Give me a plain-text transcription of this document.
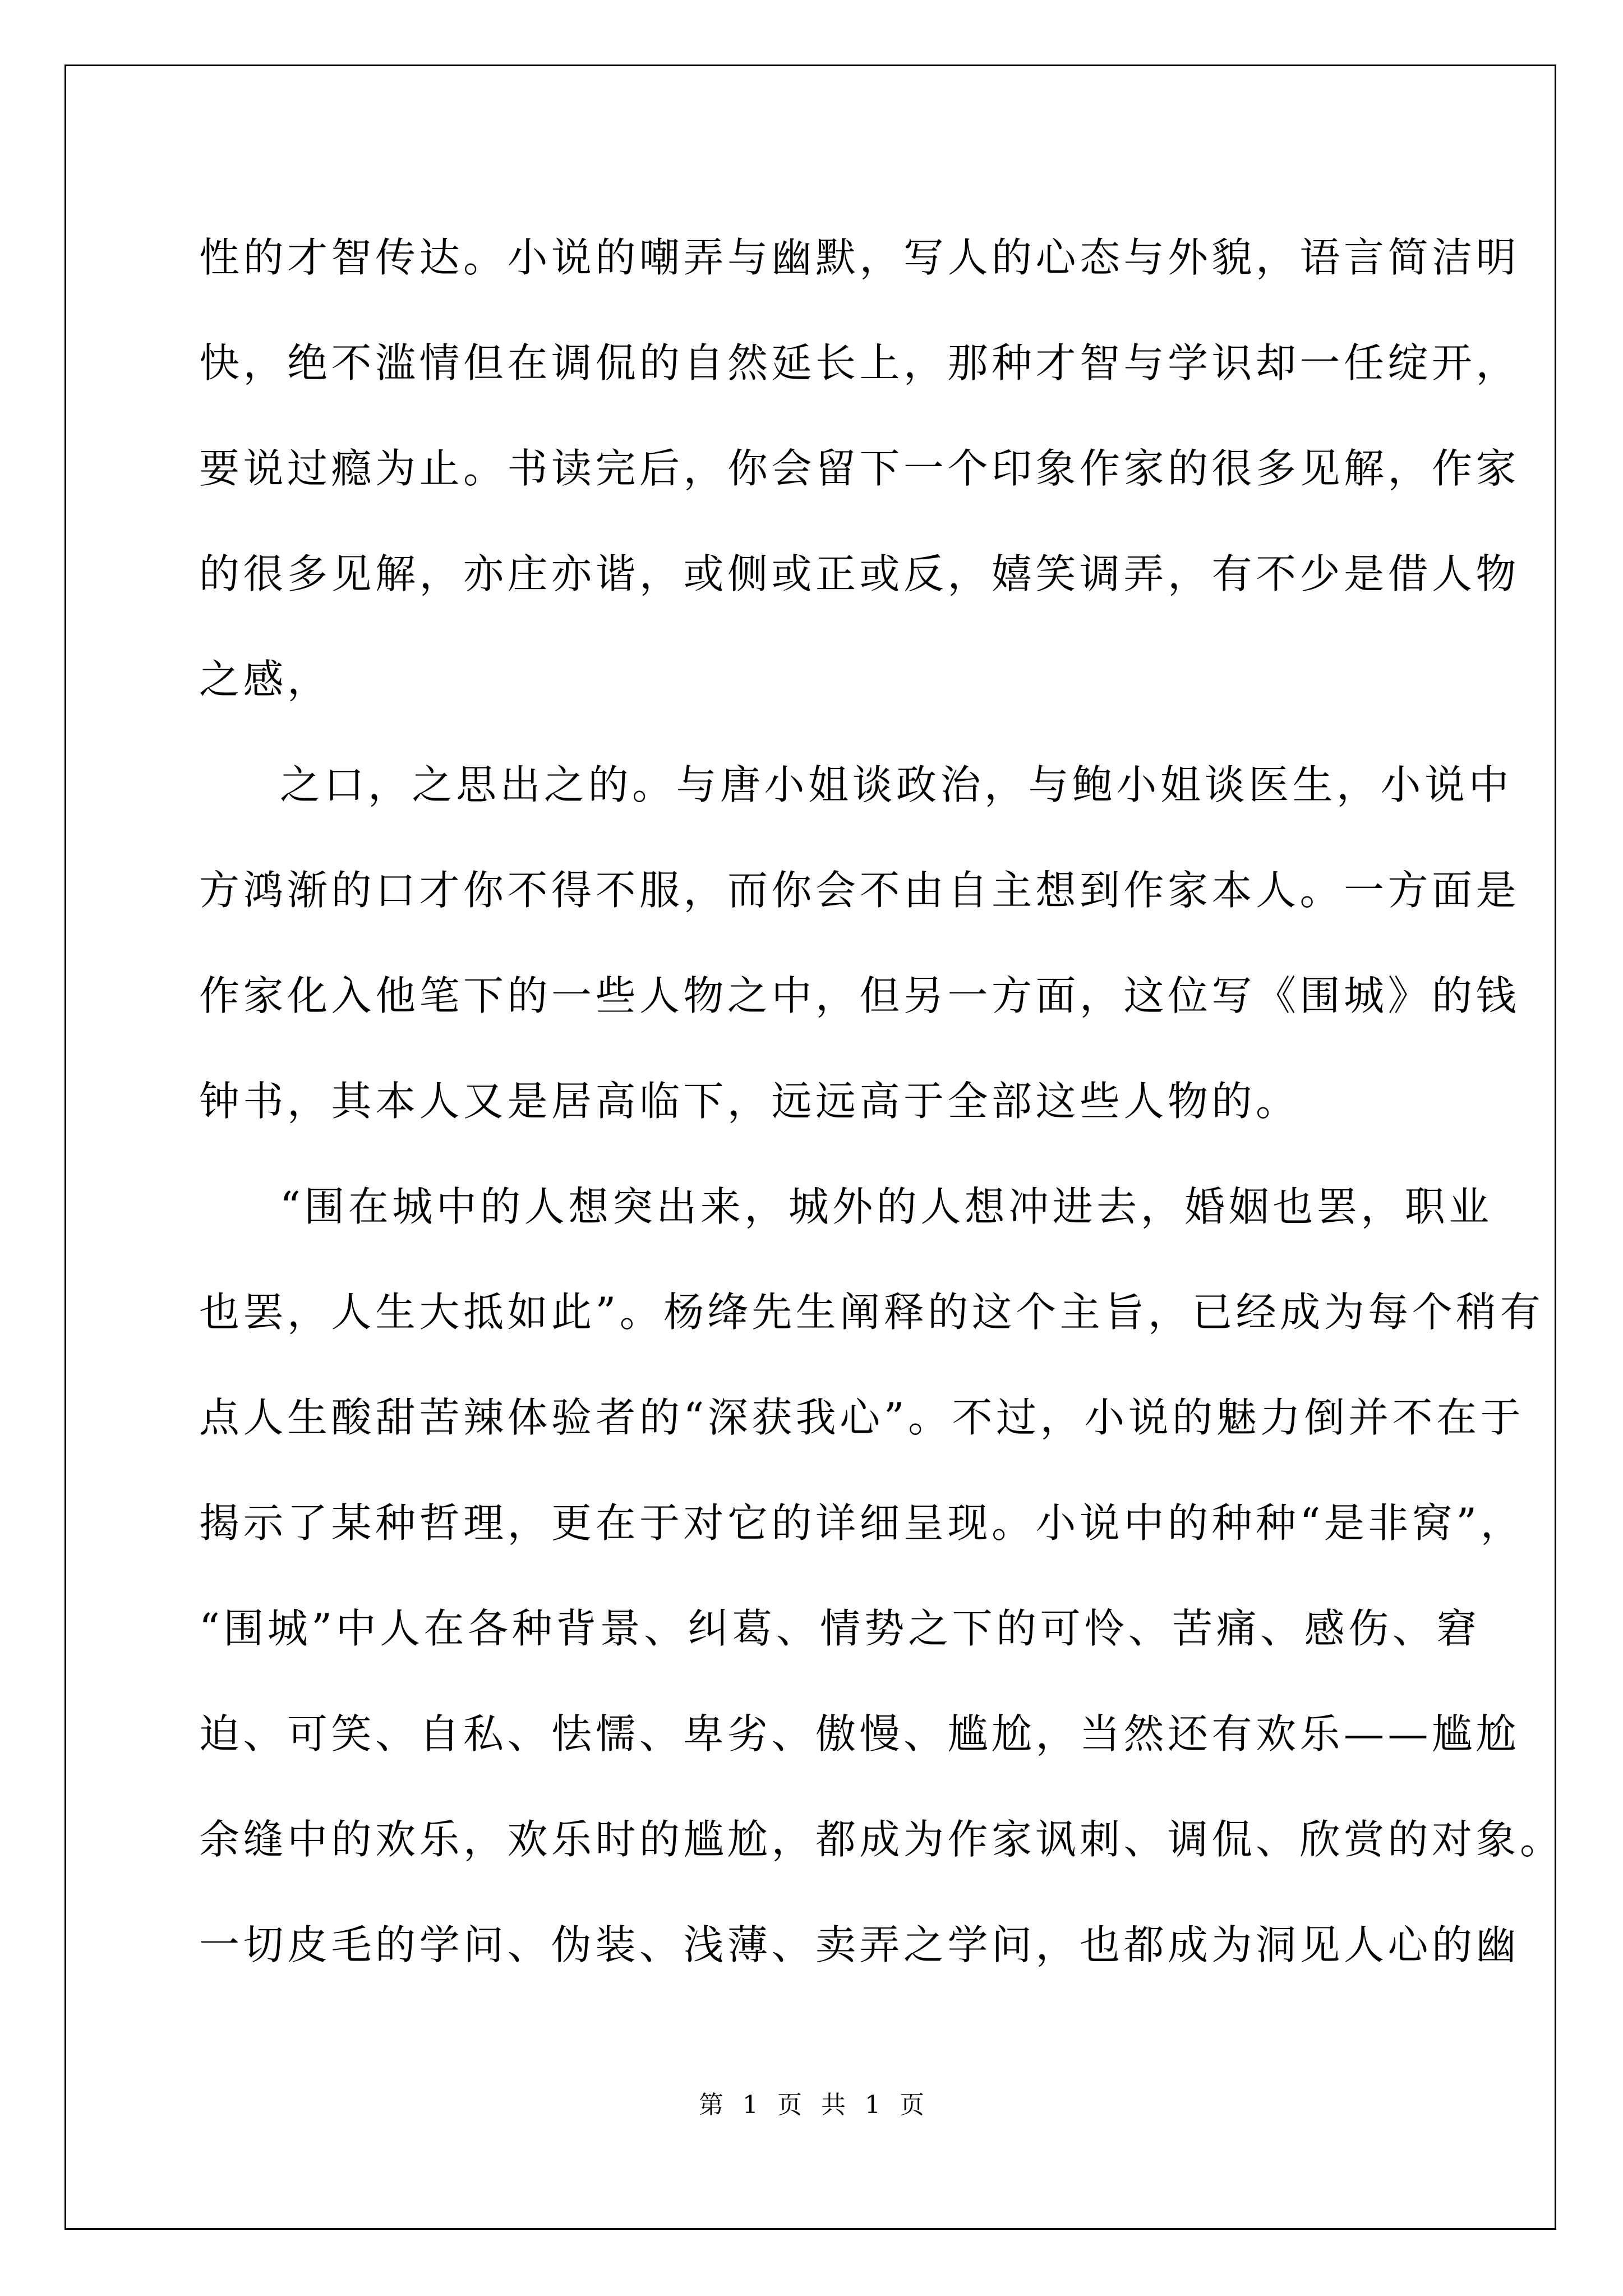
性的才智传达。小说的嘲弄与幽默，写人的心态与外貌，语言简洁明
快，绝不滥情但在调侃的自然延长上，那种才智与学识却一任绽开，
要说过瘾为止。书读完后，你会留下一个印象作家的很多见解，作家
的很多见解，亦庄亦谐，或侧或正或反，嬉笑调弄，有不少是借人物
之感，
之口，之思出之的。与唐小姐谈政治，与鲍小姐谈医生，小说中
方鸿渐的口才你不得不服，而你会不由自主想到作家本人。一方面是
作家化入他笔下的一些人物之中，但另一方面，这位写《围城》的钱
钟书，其本人又是居高临下，远远高于全部这些人物的。
“围在城中的人想突出来，城外的人想冲进去，婚姻也罢，职业
也罢，人生大抵如此”。杨绛先生阐释的这个主旨，已经成为每个稍有
点人生酸甜苦辣体验者的“深获我心”。不过，小说的魅力倒并不在于
揭示了某种哲理，更在于对它的详细呈现。小说中的种种“是非窝”，
“围城”中人在各种背景、纠葛、情势之下的可怜、苦痛、感伤、窘
迫、可笑、自私、怯懦、卑劣、傲慢、尴尬，当然还有欢乐——尴尬
余缝中的欢乐，欢乐时的尴尬，都成为作家讽刺、调侃、欣赏的对象。
一切皮毛的学问、伪装、浅薄、卖弄之学问，也都成为洞见人心的幽
第 1 页 共 1 页
